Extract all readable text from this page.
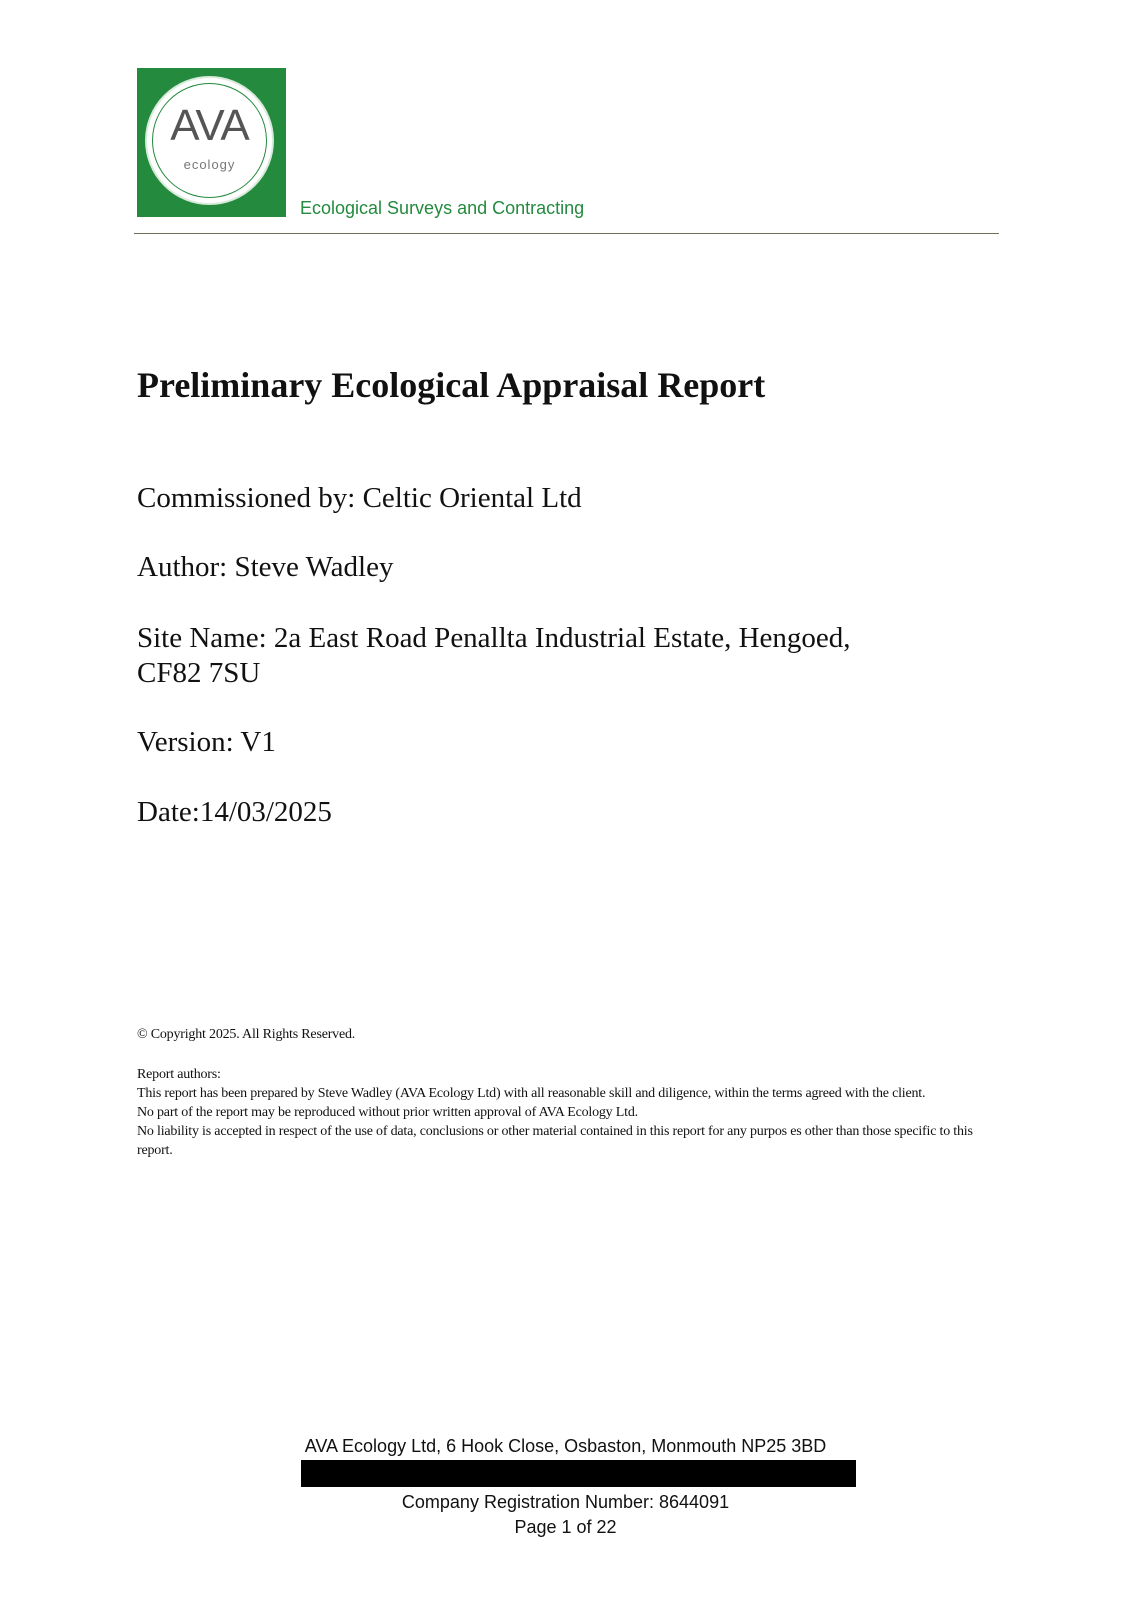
AVA
ecology
Ecological Surveys and Contracting
Preliminary Ecological Appraisal Report

Commissioned by: Celtic Oriental Ltd

Author: Steve Wadley

Site Name: 2a East Road Penallta Industrial Estate, Hengoed, CF82 7SU

Version: V1

Date:14/03/2025

© Copyright 2025. All Rights Reserved.

Report authors:

This report has been prepared by Steve Wadley (AVA Ecology Ltd) with all reasonable skill and diligence, within the terms agreed with the client.

No part of the report may be reproduced without prior written approval of AVA Ecology Ltd.

No liability is accepted in respect of the use of data, conclusions or other material contained in this report for any purpos es other than those specific to this report.

AVA Ecology Ltd, 6 Hook Close, Osbaston, Monmouth NP25 3BD
Company Registration Number: 8644091
Page 1 of 22
